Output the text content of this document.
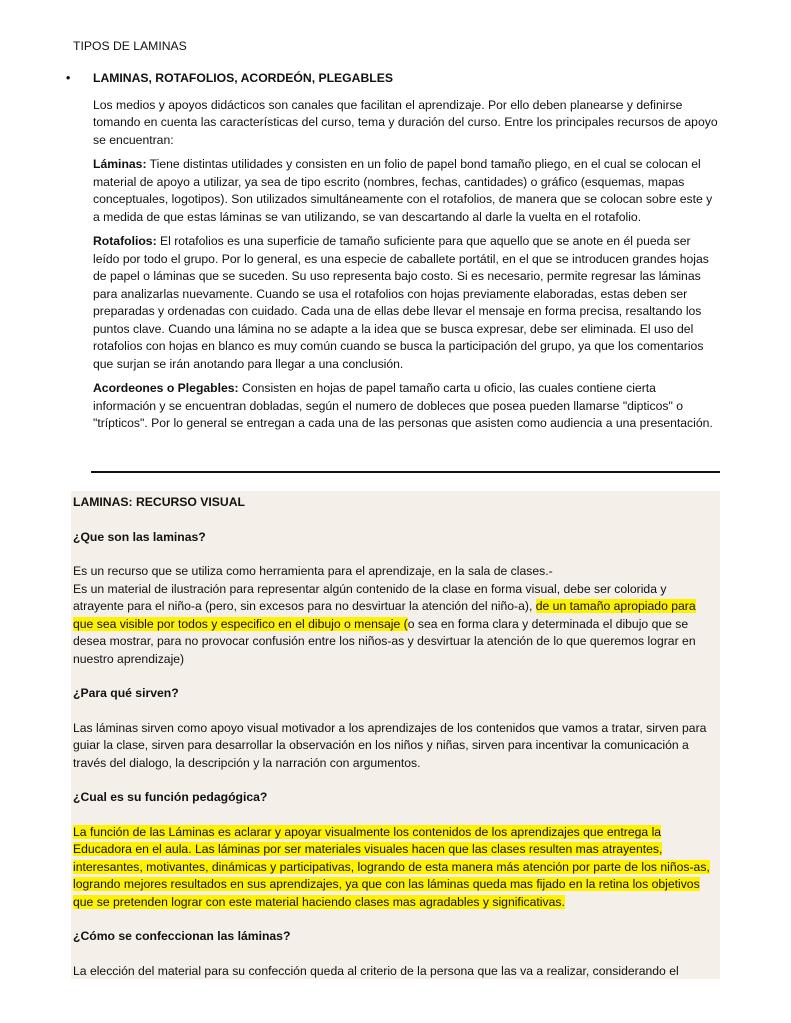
TIPOS DE LAMINAS
• LAMINAS, ROTAFOLIOS, ACORDEÓN, PLEGABLES

Los medios y apoyos didácticos son canales que facilitan el aprendizaje. Por ello deben planearse y definirse tomando en cuenta las características del curso, tema y duración del curso. Entre los principales recursos de apoyo se encuentran:

Láminas: Tiene distintas utilidades y consisten en un folio de papel bond tamaño pliego, en el cual se colocan el material de apoyo a utilizar, ya sea de tipo escrito (nombres, fechas, cantidades) o gráfico (esquemas, mapas conceptuales, logotipos). Son utilizados simultáneamente con el rotafolios, de manera que se colocan sobre este y a medida de que estas láminas se van utilizando, se van descartando al darle la vuelta en el rotafolio.

Rotafolios: El rotafolios es una superficie de tamaño suficiente para que aquello que se anote en él pueda ser leído por todo el grupo. Por lo general, es una especie de caballete portátil, en el que se introducen grandes hojas de papel o láminas que se suceden. Su uso representa bajo costo. Si es necesario, permite regresar las láminas para analizarlas nuevamente. Cuando se usa el rotafolios con hojas previamente elaboradas, estas deben ser preparadas y ordenadas con cuidado. Cada una de ellas debe llevar el mensaje en forma precisa, resaltando los puntos clave. Cuando una lámina no se adapte a la idea que se busca expresar, debe ser eliminada. El uso del rotafolios con hojas en blanco es muy común cuando se busca la participación del grupo, ya que los comentarios que surjan se irán anotando para llegar a una conclusión.

Acordeones o Plegables: Consisten en hojas de papel tamaño carta u oficio, las cuales contiene cierta información y se encuentran dobladas, según el numero de dobleces que posea pueden llamarse "dipticos" o "trípticos". Por lo general se entregan a cada una de las personas que asisten como audiencia a una presentación.

LAMINAS: RECURSO VISUAL
¿Que son las laminas?
Es un recurso que se utiliza como herramienta para el aprendizaje, en la sala de clases.-
Es un material de ilustración para representar algún contenido de la clase en forma visual, debe ser colorida y atrayente para el niño-a (pero, sin excesos para no desvirtuar la atención del niño-a), de un tamaño apropiado para que sea visible por todos y especifico en el dibujo o mensaje (o sea en forma clara y determinada el dibujo que se desea mostrar, para no provocar confusión entre los niños-as y desvirtuar la atención de lo que queremos lograr en nuestro aprendizaje)
¿Para qué sirven?
Las láminas sirven como apoyo visual motivador a los aprendizajes de los contenidos que vamos a tratar, sirven para guiar la clase, sirven para desarrollar la observación en los niños y niñas, sirven para incentivar la comunicación a través del dialogo, la descripción y la narración con argumentos.
¿Cual es su función pedagógica?
La función de las Láminas es aclarar y apoyar visualmente los contenidos de los aprendizajes que entrega la Educadora en el aula. Las láminas por ser materiales visuales hacen que las clases resulten mas atrayentes, interesantes, motivantes, dinámicas y participativas, logrando de esta manera más atención por parte de los niños-as, logrando mejores resultados en sus aprendizajes, ya que con las láminas queda mas fijado en la retina los objetivos que se pretenden lograr con este material haciendo clases mas agradables y significativas.
¿Cómo se confeccionan las láminas?
La elección del material para su confección queda al criterio de la persona que las va a realizar, considerando el
